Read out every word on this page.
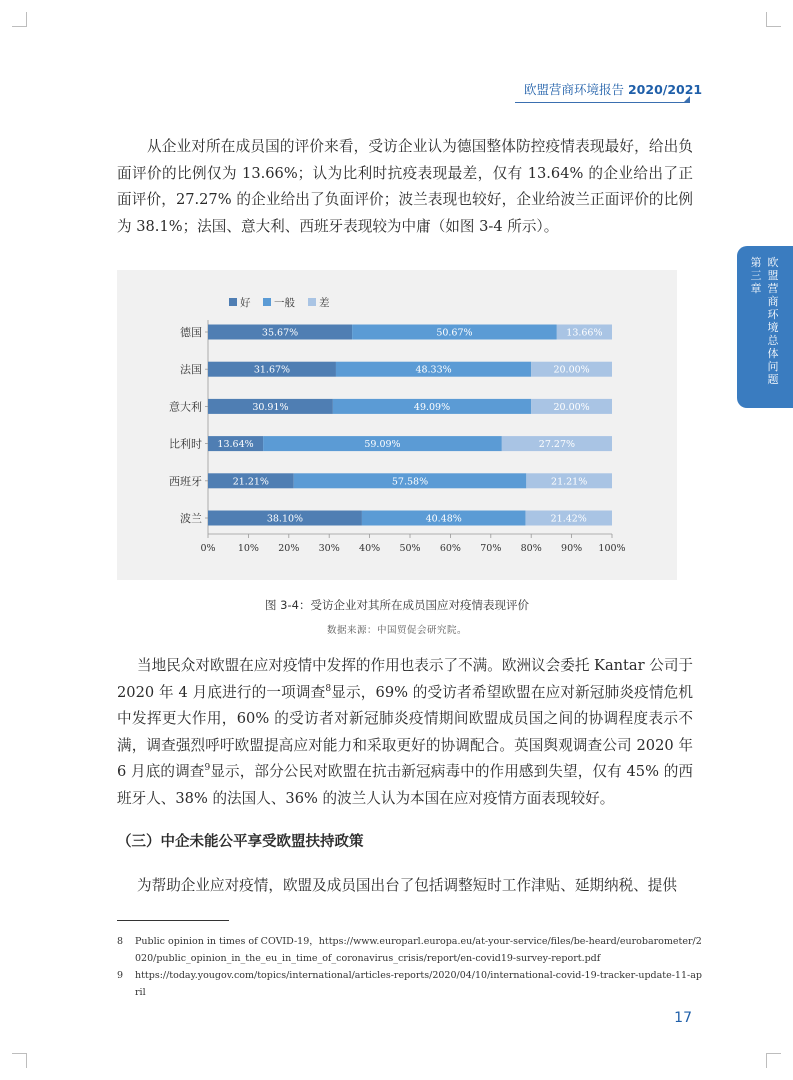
欧盟营商环境报告 2020/2021
第三章
欧盟营商环境总体问题

从企业对所在成员国的评价来看，受访企业认为德国整体防控疫情表现最好，给出负面评价的比例仅为 13.66%；认为比利时抗疫表现最差，仅有 13.64% 的企业给出了正面评价，27.27% 的企业给出了负面评价；波兰表现也较好，企业给波兰正面评价的比例为 38.1%；法国、意大利、西班牙表现较为中庸（如图 3-4 所示）。

好 一般 差
德国	35.67%	50.67%	13.66%
法国	31.67%	48.33%	20.00%
意大利	30.91%	49.09%	20.00%
比利时 13.64%	59.09%	27.27%
西班牙	21.21%	57.58%	21.21%
波兰	38.10%	40.48%	21.42%
0% 10% 20% 30% 40% 50% 60% 70% 80% 90% 100%
图 3-4：受访企业对其所在成员国应对疫情表现评价
数据来源：中国贸促会研究院。

当地民众对欧盟在应对疫情中发挥的作用也表示了不满。欧洲议会委托 Kantar 公司于 2020 年 4 月底进行的一项调查$^8$显示，69% 的受访者希望欧盟在应对新冠肺炎疫情危机中发挥更大作用，60% 的受访者对新冠肺炎疫情期间欧盟成员国之间的协调程度表示不满，调查强烈呼吁欧盟提高应对能力和采取更好的协调配合。英国舆观调查公司 2020 年 6 月底的调查$^9$显示，部分公民对欧盟在抗击新冠病毒中的作用感到失望，仅有 45% 的西班牙人、38% 的法国人、36% 的波兰人认为本国在应对疫情方面表现较好。

（三）中企未能公平享受欧盟扶持政策

为帮助企业应对疫情，欧盟及成员国出台了包括调整短时工作津贴、延期纳税、提供

8	Public opinion in times of COVID-19，https://www.europarl.europa.eu/at-your-service/files/be-heard/eurobarometer/2020/public_opinion_in_the_eu_in_time_of_coronavirus_crisis/report/en-covid19-survey-report.pdf
9	https://today.yougov.com/topics/international/articles-reports/2020/04/10/international-covid-19-tracker-update-11-april
17
